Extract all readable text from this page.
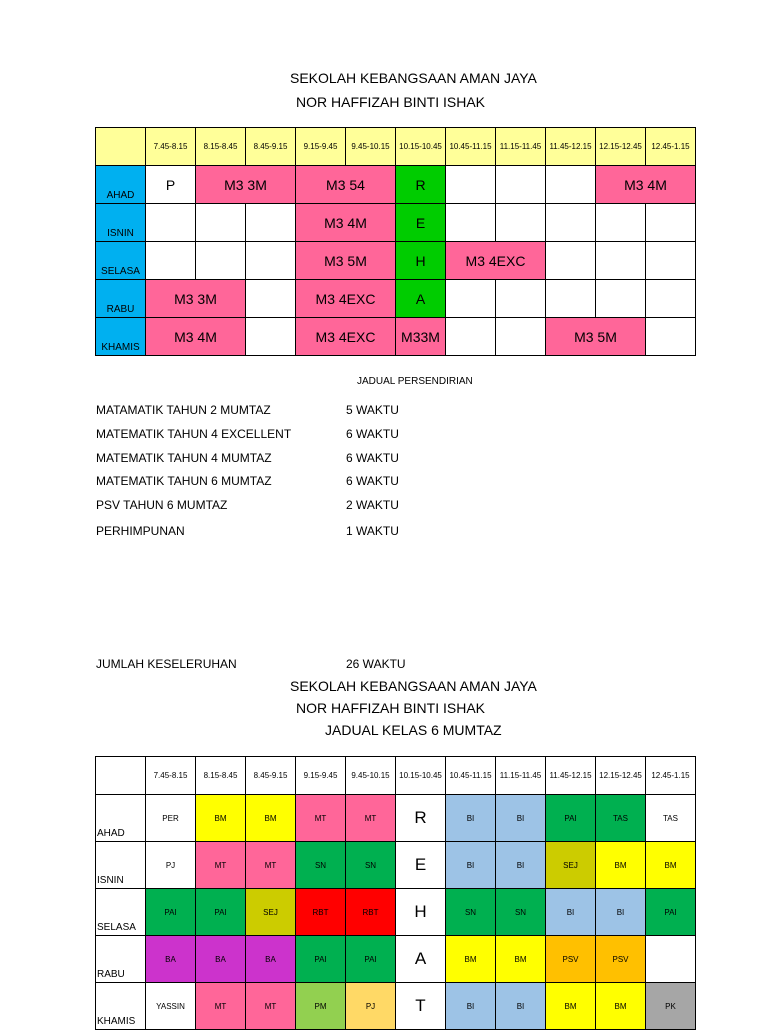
SEKOLAH KEBANGSAAN AMAN JAYA
NOR HAFFIZAH BINTI ISHAK
	7.45-8.15	8.15-8.45	8.45-9.15	9.15-9.45	9.45-10.15	10.15-10.45	10.45-11.15	11.15-11.45	11.45-12.15	12.15-12.45	12.45-1.15
AHAD	P	M3 3M		M3 54		R				M3 4M	
ISNIN				M3 4M		E					
SELASA				M3 5M		H	M3 4EXC				
RABU	M3 3M			M3 4EXC		A					
KHAMIS	M3 4M			M3 4EXC		M33M			M3 5M		
JADUAL PERSENDIRIAN
MATAMATIK TAHUN 2 MUMTAZ	5 WAKTU
MATEMATIK TAHUN 4 EXCELLENT	6 WAKTU
MATEMATIK TAHUN 4 MUMTAZ	6 WAKTU
MATEMATIK TAHUN 6 MUMTAZ	6 WAKTU
PSV TAHUN 6 MUMTAZ	2 WAKTU
PERHIMPUNAN	1 WAKTU
JUMLAH KESELERUHAN	26 WAKTU
SEKOLAH KEBANGSAAN AMAN JAYA
NOR HAFFIZAH BINTI ISHAK
JADUAL KELAS 6 MUMTAZ
	7.45-8.15	8.15-8.45	8.45-9.15	9.15-9.45	9.45-10.15	10.15-10.45	10.45-11.15	11.15-11.45	11.45-12.15	12.15-12.45	12.45-1.15
AHAD	PER	BM	BM	MT	MT	R	BI	BI	PAI	TAS	TAS
ISNIN	PJ	MT	MT	SN	SN	E	BI	BI	SEJ	BM	BM
SELASA	PAI	PAI	SEJ	RBT	RBT	H	SN	SN	BI	BI	PAI
RABU	BA	BA	BA	PAI	PAI	A	BM	BM	PSV	PSV	
KHAMIS	YASSIN	MT	MT	PM	PJ	T	BI	BI	BM	BM	PK
